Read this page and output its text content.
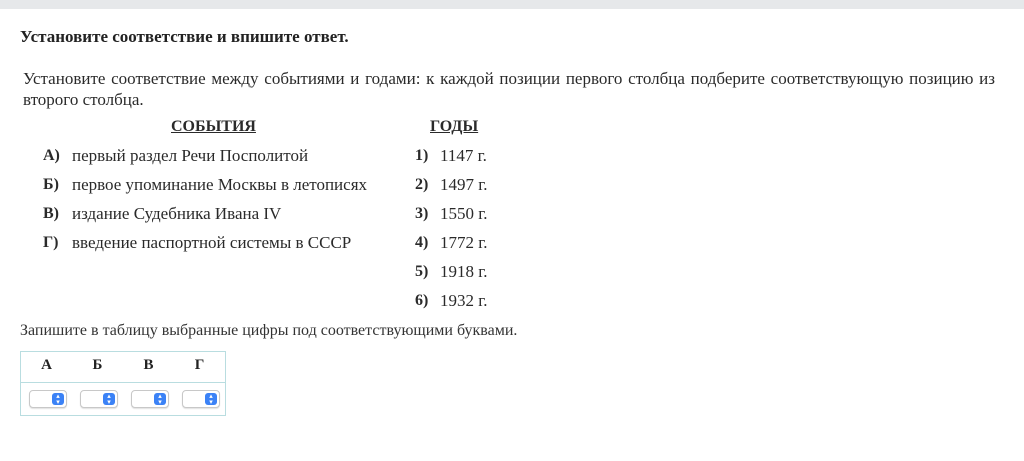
Установите соответствие и впишите ответ.
Установите соответствие между событиями и годами: к каждой позиции первого столбца подберите соответствующую позицию из второго столбца.
СОБЫТИЯ	ГОДЫ
А) первый раздел Речи Посполитой
Б) первое упоминание Москвы в летописях
В) издание Судебника Ивана IV
Г) введение паспортной системы в СССР
1) 1147 г.
2) 1497 г.
3) 1550 г.
4) 1772 г.
5) 1918 г.
6) 1932 г.
Запишите в таблицу выбранные цифры под соответствующими буквами.
А	Б	В	Г
▴
▾
▴
▾
▴
▾
▴
▾
